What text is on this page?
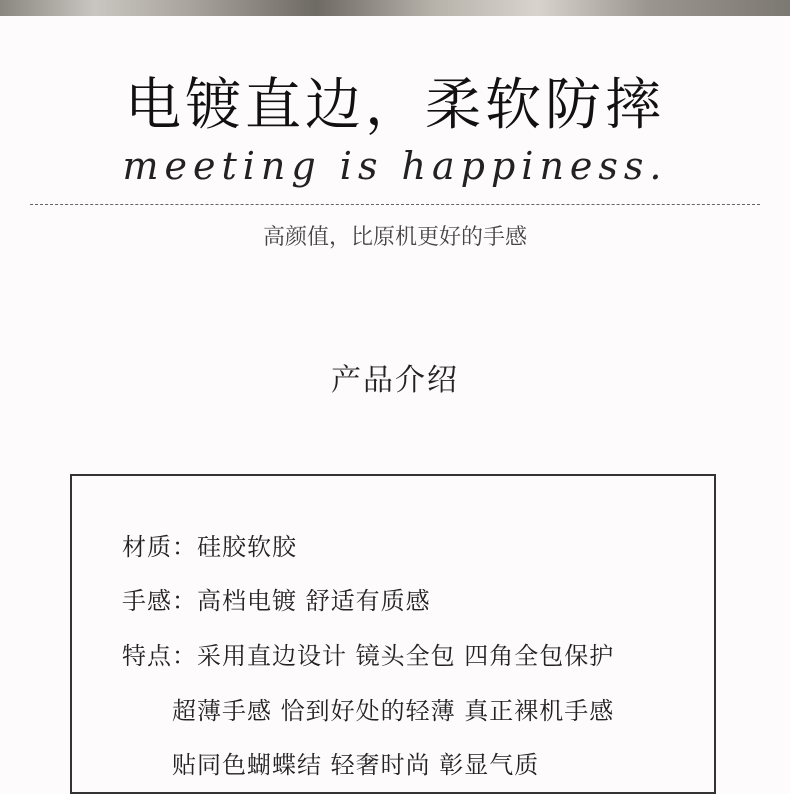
电镀直边，柔软防摔
meeting is happiness.
高颜值，比原机更好的手感
产品介绍
材质：硅胶软胶
手感：高档电镀 舒适有质感
特点：采用直边设计 镜头全包 四角全包保护
超薄手感 恰到好处的轻薄 真正裸机手感
贴同色蝴蝶结 轻奢时尚 彰显气质
